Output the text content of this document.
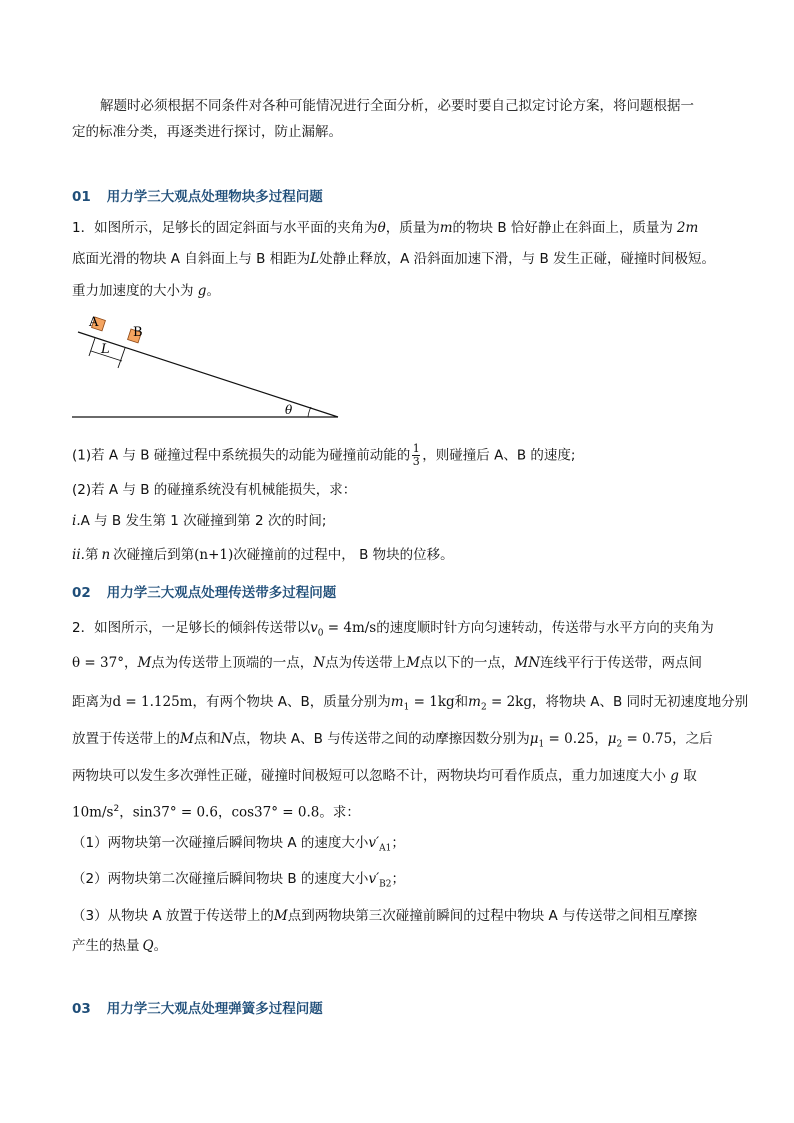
解题时必须根据不同条件对各种可能情况进行全面分析，必要时要自己拟定讨论方案，将问题根据一
定的标准分类，再逐类进行探讨，防止漏解。
01 用力学三大观点处理物块多过程问题
1．如图所示，足够长的固定斜面与水平面的夹角为θ，质量为m的物块 B 恰好静止在斜面上，质量为 2m
底面光滑的物块 A 自斜面上与 B 相距为L处静止释放，A 沿斜面加速下滑，与 B 发生正碰，碰撞时间极短。
重力加速度的大小为 g。
A
B
L
θ
(1)若 A 与 B 碰撞过程中系统损失的动能为碰撞前动能的 $\frac{1}{3}$ ，则碰撞后 A、B 的速度;
(2)若 A 与 B 的碰撞系统没有机械能损失，求：
i.A 与 B 发生第 1 次碰撞到第 2 次的时间;
ii.第 n 次碰撞后到第(n+1)次碰撞前的过程中， B 物块的位移。
02 用力学三大观点处理传送带多过程问题
2．如图所示，一足够长的倾斜传送带以$v_0 = 4m/s$的速度顺时针方向匀速转动，传送带与水平方向的夹角为
θ = 37°，M点为传送带上顶端的一点，N点为传送带上M点以下的一点，MN连线平行于传送带，两点间
距离为d = 1.125m，有两个物块 A、B，质量分别为$m_1 = 1kg$和$m_2 = 2kg$，将物块 A、B 同时无初速度地分别
放置于传送带上的M点和N点，物块 A、B 与传送带之间的动摩擦因数分别为$\mu_1 = 0.25$，$\mu_2 = 0.75$，之后
两物块可以发生多次弹性正碰，碰撞时间极短可以忽略不计，两物块均可看作质点，重力加速度大小 g 取
$10m/s^2$，sin37° = 0.6，cos37° = 0.8。求：
（1）两物块第一次碰撞后瞬间物块 A 的速度大小$v'_{A1}$；
（2）两物块第二次碰撞后瞬间物块 B 的速度大小$v'_{B2}$；
（3）从物块 A 放置于传送带上的M点到两物块第三次碰撞前瞬间的过程中物块 A 与传送带之间相互摩擦
产生的热量 Q。
03 用力学三大观点处理弹簧多过程问题
